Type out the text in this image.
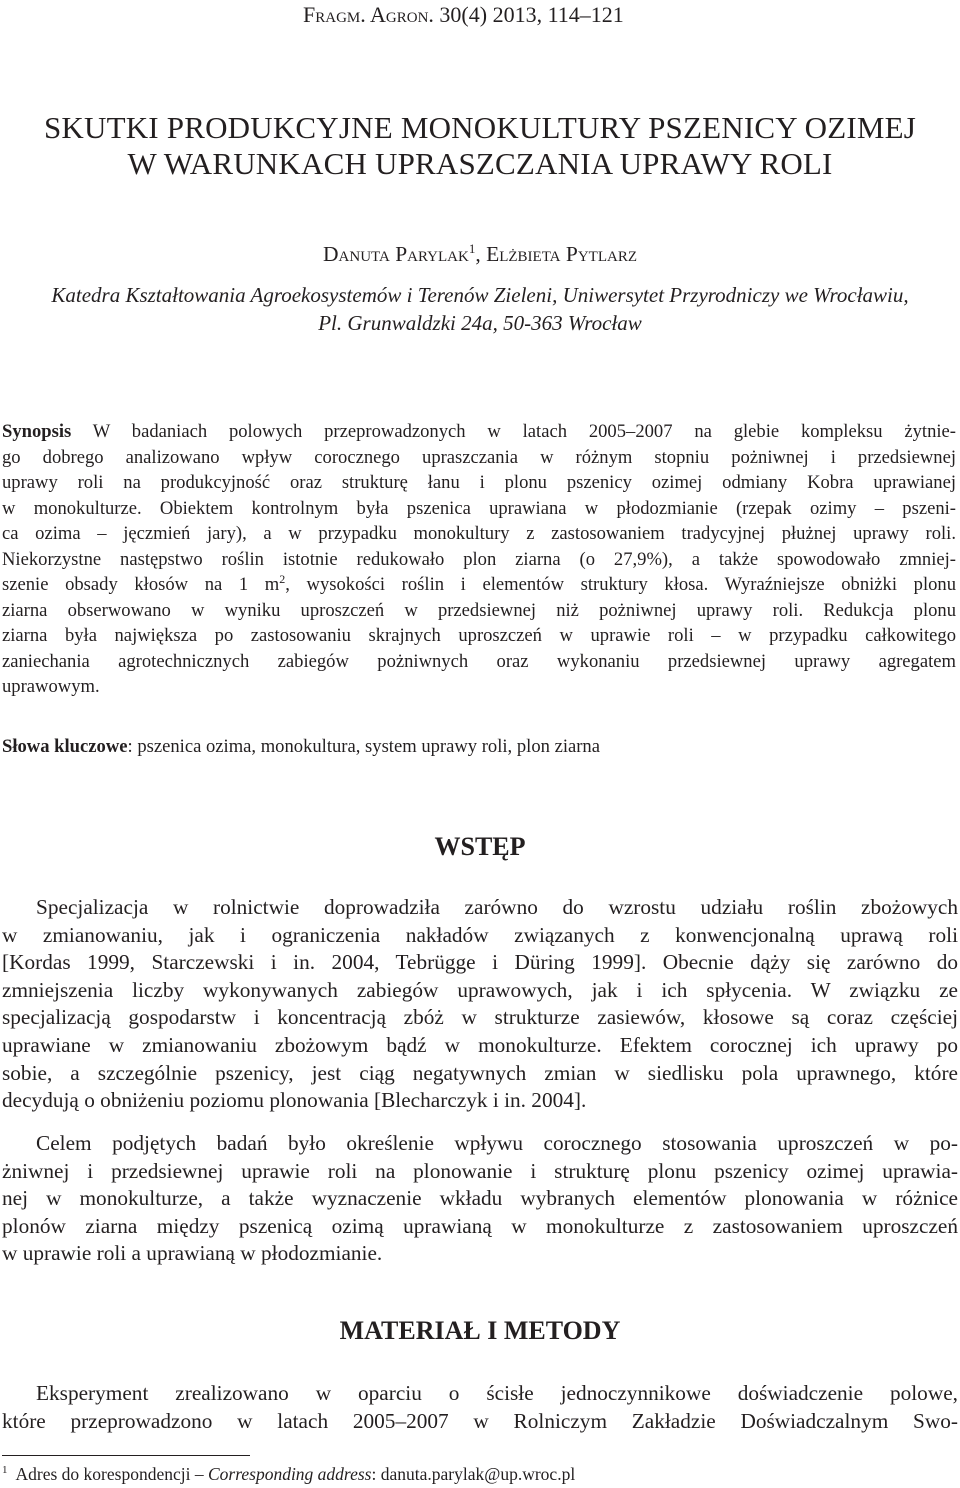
Fragm. Agron. 30(4) 2013, 114–121
SKUTKI PRODUKCYJNE MONOKULTURY PSZENICY OZIMEJ
W WARUNKACH UPRASZCZANIA UPRAWY ROLI
Danuta Parylak$^1$, Elżbieta Pytlarz
Katedra Kształtowania Agroekosystemów i Terenów Zieleni, Uniwersytet Przyrodniczy we Wrocławiu,
Pl. Grunwaldzki 24a, 50-363 Wrocław
Synopsis W badaniach polowych przeprowadzonych w latach 2005–2007 na glebie kompleksu żytnie-
go dobrego analizowano wpływ corocznego upraszczania w różnym stopniu pożniwnej i przedsiewnej
uprawy roli na produkcyjność oraz strukturę łanu i plonu pszenicy ozimej odmiany Kobra uprawianej
w monokulturze. Obiektem kontrolnym była pszenica uprawiana w płodozmianie (rzepak ozimy – pszeni-
ca ozima – jęczmień jary), a w przypadku monokultury z zastosowaniem tradycyjnej płużnej uprawy roli.
Niekorzystne następstwo roślin istotnie redukowało plon ziarna (o 27,9%), a także spowodowało zmniej-
szenie obsady kłosów na 1 $m^2$, wysokości roślin i elementów struktury kłosa. Wyraźniejsze obniżki plonu
ziarna obserwowano w wyniku uproszczeń w przedsiewnej niż pożniwnej uprawy roli. Redukcja plonu
ziarna była największa po zastosowaniu skrajnych uproszczeń w uprawie roli – w przypadku całkowitego
zaniechania agrotechnicznych zabiegów pożniwnych oraz wykonaniu przedsiewnej uprawy agregatem
uprawowym.
Słowa kluczowe: pszenica ozima, monokultura, system uprawy roli, plon ziarna
WSTĘP
Specjalizacja w rolnictwie doprowadziła zarówno do wzrostu udziału roślin zbożowych
w zmianowaniu, jak i ograniczenia nakładów związanych z konwencjonalną uprawą roli
[Kordas 1999, Starczewski i in. 2004, Tebrügge i Düring 1999]. Obecnie dąży się zarówno do
zmniejszenia liczby wykonywanych zabiegów uprawowych, jak i ich spłycenia. W związku ze
specjalizacją gospodarstw i koncentracją zbóż w strukturze zasiewów, kłosowe są coraz częściej
uprawiane w zmianowaniu zbożowym bądź w monokulturze. Efektem corocznej ich uprawy po
sobie, a szczególnie pszenicy, jest ciąg negatywnych zmian w siedlisku pola uprawnego, które
decydują o obniżeniu poziomu plonowania [Blecharczyk i in. 2004].
Celem podjętych badań było określenie wpływu corocznego stosowania uproszczeń w po-
żniwnej i przedsiewnej uprawie roli na plonowanie i strukturę plonu pszenicy ozimej uprawia-
nej w monokulturze, a także wyznaczenie wkładu wybranych elementów plonowania w różnice
plonów ziarna między pszenicą ozimą uprawianą w monokulturze z zastosowaniem uproszczeń
w uprawie roli a uprawianą w płodozmianie.
MATERIAŁ I METODY
Eksperyment zrealizowano w oparciu o ścisłe jednoczynnikowe doświadczenie polowe,
które przeprowadzono w latach 2005–2007 w Rolniczym Zakładzie Doświadczalnym Swo-
$^1$ Adres do korespondencji – Corresponding address: danuta.parylak@up.wroc.pl
